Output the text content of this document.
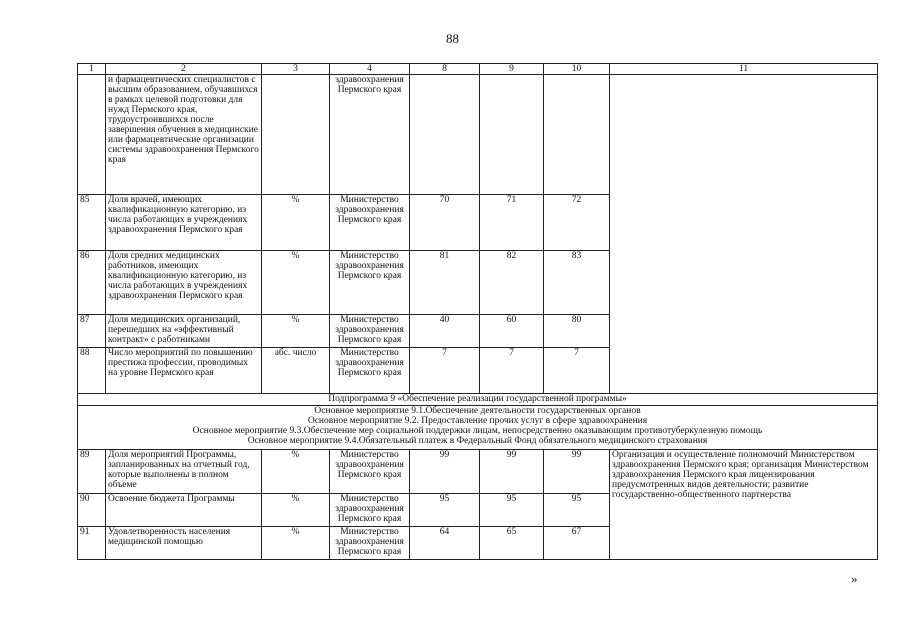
88
1	2	3	4	8	9	10	11
	и фармацевтических специалистов с высшим образованием, обучавшихся в рамках целевой подготовки для нужд Пермского края, трудоустроившихся после завершения обучения в медицинские или фармацевтические организации системы здравоохранения Пермского края		здравоохранения Пермского края				
85	Доля врачей, имеющих квалификационную категорию, из числа работающих в учреждениях здравоохранения Пермского края	%	Министерство здравоохранения Пермского края	70	71	72	
86	Доля средних медицинских работников, имеющих квалификационную категорию, из числа работающих в учреждениях здравоохранения Пермского края	%	Министерство здравоохранения Пермского края	81	82	83	
87	Доля медицинских организаций, перешедших на «эффективный контракт» с работниками	%	Министерство здравоохранения Пермского края	40	60	80	
88	Число мероприятий по повышению престижа профессии, проводимых на уровне Пермского края	абс. число	Министерство здравоохранения Пермского края	7	7	7	
Подпрограмма 9 «Обеспечение реализации государственной программы»							

Основное мероприятие 9.1.Обеспечение деятельности государственных органов
Основное мероприятие 9.2. Предоставление прочих услуг в сфере здравоохранения
Основное мероприятие 9.3.Обеспечение мер социальной поддержки лицам, непосредственно оказывающим противотуберкулезную помощь
Основное мероприятие 9.4.Обязательный платеж в Федеральный Фонд обязательного медицинского страхования							

89	Доля мероприятий Программы, запланированных на отчетный год, которые выполнены в полном объеме	%	Министерство здравоохранения Пермского края	99	99	99	Организация и осуществление полномочий Министерством здравоохранения Пермского края; организация Министерством здравоохранения Пермского края лицензирования предусмотренных видов деятельности; развитие государственно-общественного партнерства
90	Освоение бюджета Программы	%	Министерство здравоохранения Пермского края	95	95	95	
91	Удовлетворенность населения медицинской помощью	%	Министерство здравоохранения Пермского края	64	65	67	
»
